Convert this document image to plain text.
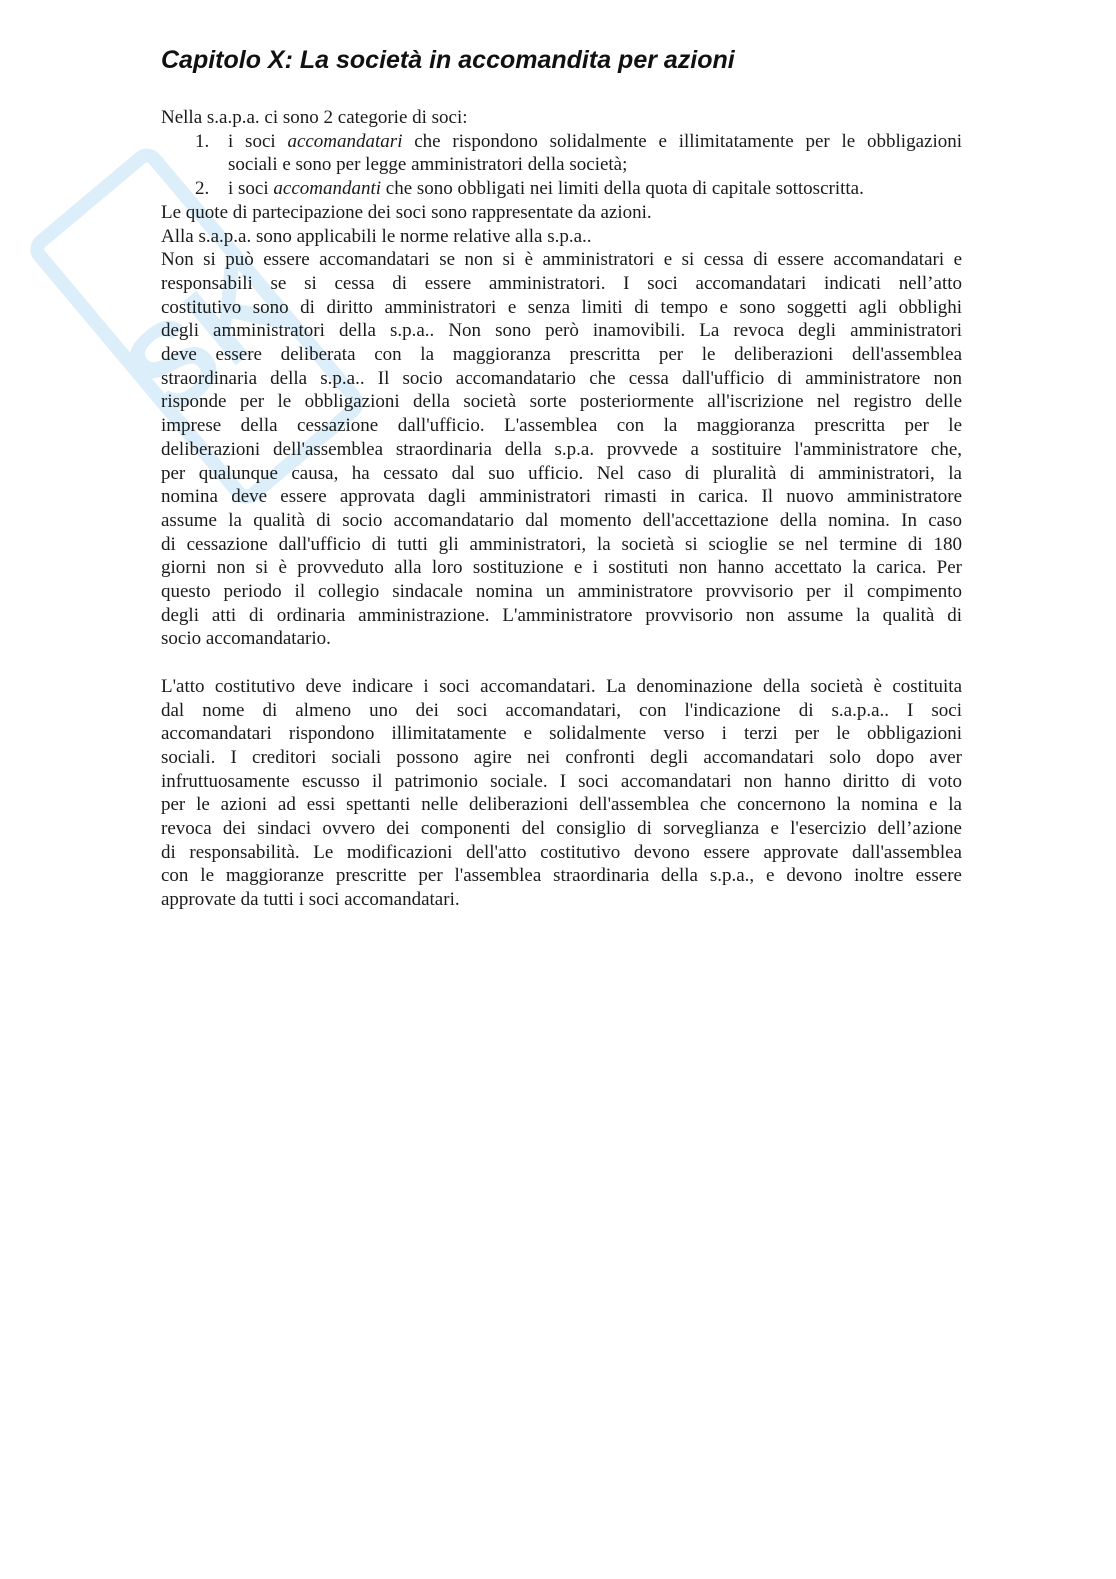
SK
Capitolo X: La società in accomandita per azioni
Nella s.a.p.a. ci sono 2 categorie di soci:
1. i soci accomandatari che rispondono solidalmente e illimitatamente per le obbligazioni
sociali e sono per legge amministratori della società;
2. i soci accomandanti che sono obbligati nei limiti della quota di capitale sottoscritta.
Le quote di partecipazione dei soci sono rappresentate da azioni.
Alla s.a.p.a. sono applicabili le norme relative alla s.p.a..
Non si può essere accomandatari se non si è amministratori e si cessa di essere accomandatari e
responsabili se si cessa di essere amministratori. I soci accomandatari indicati nell’atto
costitutivo sono di diritto amministratori e senza limiti di tempo e sono soggetti agli obblighi
degli amministratori della s.p.a.. Non sono però inamovibili. La revoca degli amministratori
deve essere deliberata con la maggioranza prescritta per le deliberazioni dell'assemblea
straordinaria della s.p.a.. Il socio accomandatario che cessa dall'ufficio di amministratore non
risponde per le obbligazioni della società sorte posteriormente all'iscrizione nel registro delle
imprese della cessazione dall'ufficio. L'assemblea con la maggioranza prescritta per le
deliberazioni dell'assemblea straordinaria della s.p.a. provvede a sostituire l'amministratore che,
per qualunque causa, ha cessato dal suo ufficio. Nel caso di pluralità di amministratori, la
nomina deve essere approvata dagli amministratori rimasti in carica. Il nuovo amministratore
assume la qualità di socio accomandatario dal momento dell'accettazione della nomina. In caso
di cessazione dall'ufficio di tutti gli amministratori, la società si scioglie se nel termine di 180
giorni non si è provveduto alla loro sostituzione e i sostituti non hanno accettato la carica. Per
questo periodo il collegio sindacale nomina un amministratore provvisorio per il compimento
degli atti di ordinaria amministrazione. L'amministratore provvisorio non assume la qualità di
socio accomandatario.
L'atto costitutivo deve indicare i soci accomandatari. La denominazione della società è costituita
dal nome di almeno uno dei soci accomandatari, con l'indicazione di s.a.p.a.. I soci
accomandatari rispondono illimitatamente e solidalmente verso i terzi per le obbligazioni
sociali. I creditori sociali possono agire nei confronti degli accomandatari solo dopo aver
infruttuosamente escusso il patrimonio sociale. I soci accomandatari non hanno diritto di voto
per le azioni ad essi spettanti nelle deliberazioni dell'assemblea che concernono la nomina e la
revoca dei sindaci ovvero dei componenti del consiglio di sorveglianza e l'esercizio dell’azione
di responsabilità. Le modificazioni dell'atto costitutivo devono essere approvate dall'assemblea
con le maggioranze prescritte per l'assemblea straordinaria della s.p.a., e devono inoltre essere
approvate da tutti i soci accomandatari.
